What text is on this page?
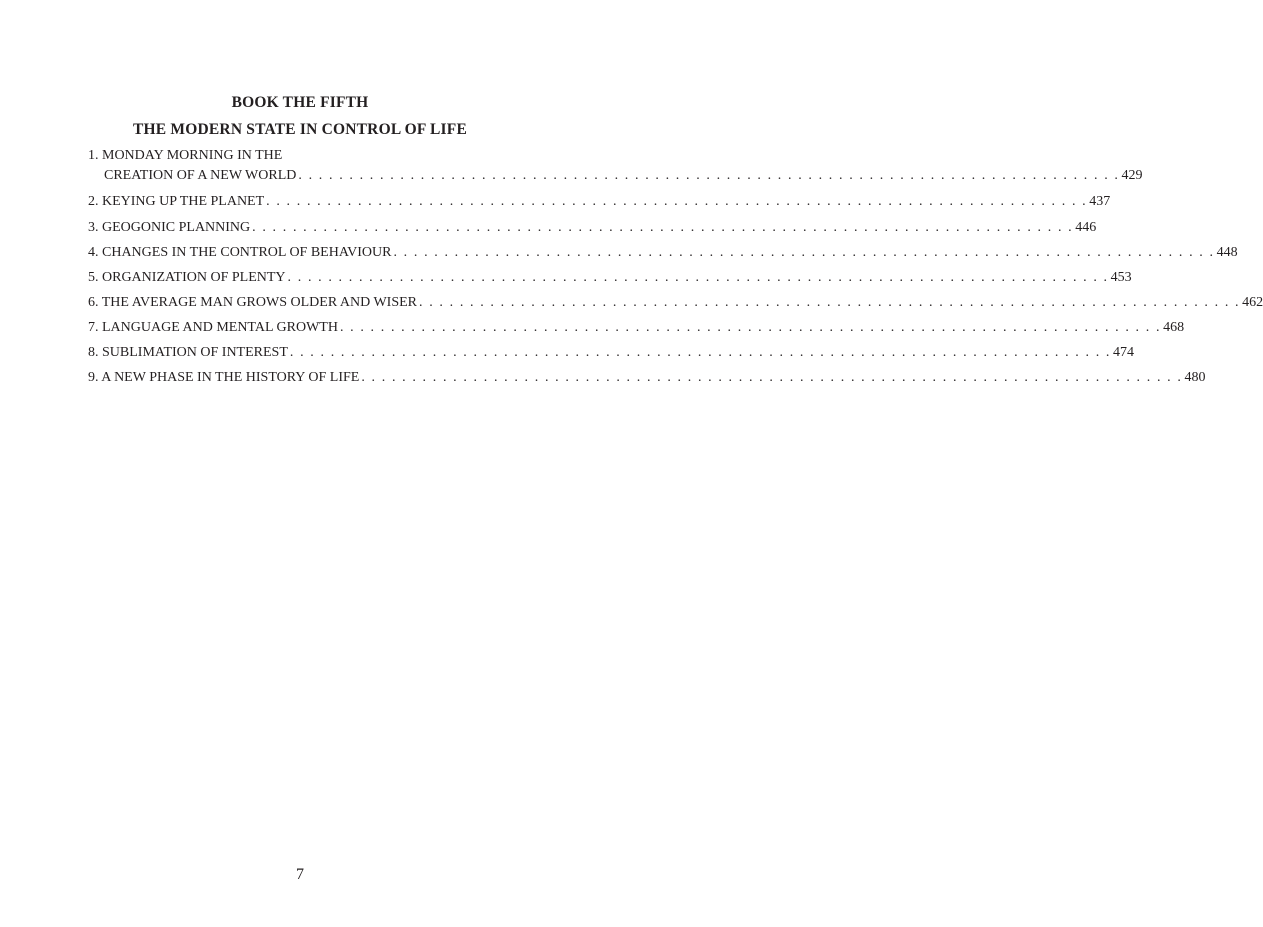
BOOK THE FIFTH
THE MODERN STATE IN CONTROL OF LIFE
1. MONDAY MORNING IN THE
CREATION OF A NEW WORLD . . . . . . . . . . . . . . . . . . . . . . . . . . . . . . . . . . . . . . . . . . . . . . . . . . . . . . . . . . . . . . . . . . . . . . . . . . . . . . . . . 429
2. KEYING UP THE PLANET . . . . . . . . . . . . . . . . . . . . . . . . . . . . . . . . . . . . . . . . . . . . . . . . . . . . . . . . . . . . . . . . . . . . . . . . . . . . . . . . . 437
3. GEOGONIC PLANNING . . . . . . . . . . . . . . . . . . . . . . . . . . . . . . . . . . . . . . . . . . . . . . . . . . . . . . . . . . . . . . . . . . . . . . . . . . . . . . . . . 446
4. CHANGES IN THE CONTROL OF BEHAVIOUR . . . . . . . . . . . . . . . . . . . . . . . . . . . . . . . . . . . . . . . . . . . . . . . . . . . . . . . . . . . . . . . . . . . . . . . . . . . . . . . . . 448
5. ORGANIZATION OF PLENTY . . . . . . . . . . . . . . . . . . . . . . . . . . . . . . . . . . . . . . . . . . . . . . . . . . . . . . . . . . . . . . . . . . . . . . . . . . . . . . . . . 453
6. THE AVERAGE MAN GROWS OLDER AND WISER . . . . . . . . . . . . . . . . . . . . . . . . . . . . . . . . . . . . . . . . . . . . . . . . . . . . . . . . . . . . . . . . . . . . . . . . . . . . . . . . . 462
7. LANGUAGE AND MENTAL GROWTH . . . . . . . . . . . . . . . . . . . . . . . . . . . . . . . . . . . . . . . . . . . . . . . . . . . . . . . . . . . . . . . . . . . . . . . . . . . . . . . . . 468
8. SUBLIMATION OF INTEREST . . . . . . . . . . . . . . . . . . . . . . . . . . . . . . . . . . . . . . . . . . . . . . . . . . . . . . . . . . . . . . . . . . . . . . . . . . . . . . . . . 474
9. A NEW PHASE IN THE HISTORY OF LIFE . . . . . . . . . . . . . . . . . . . . . . . . . . . . . . . . . . . . . . . . . . . . . . . . . . . . . . . . . . . . . . . . . . . . . . . . . . . . . . . . . 480
7
